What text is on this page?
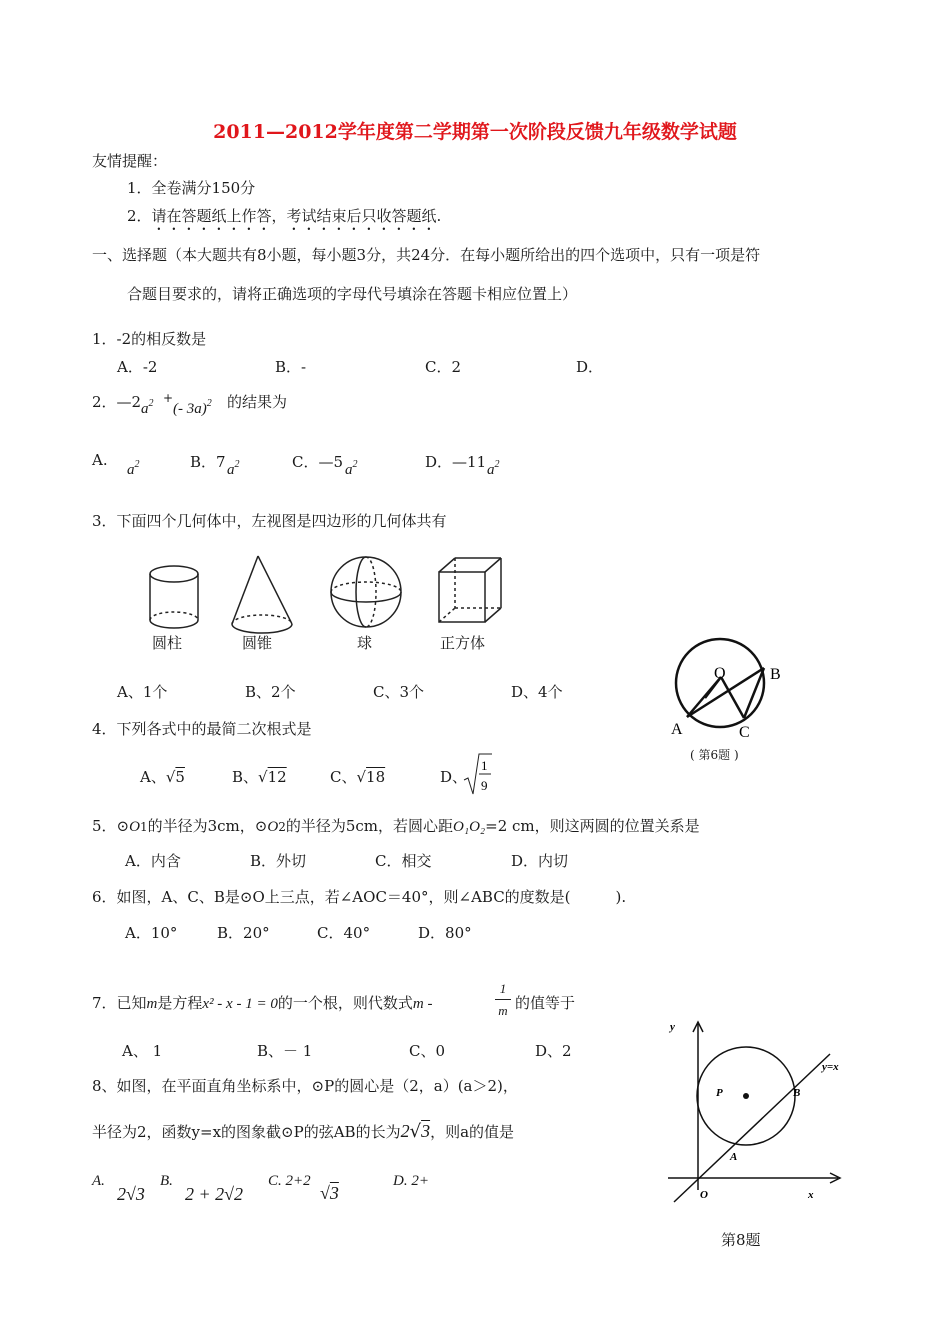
2011—2012学年度第二学期第一次阶段反馈九年级数学试题
友情提醒：
1．全卷满分150分
2．请在答题纸上作答，考试结束后只收答题纸.
一、选择题（本大题共有8小题，每小题3分，共24分．在每小题所给出的四个选项中，只有一项是符
合题目要求的，请将正确选项的字母代号填涂在答题卡相应位置上）
1．-2的相反数是
A．-2	B．-	C．2	D．
2．—2 $a^2$ +
(- 3a)$^2$ 的结果为
A.
$a^2$	B．7 $a^2$	C．—5 $a^2$	D．—11 $a^2$
3．下面四个几何体中，左视图是四边形的几何体共有
圆柱	圆锥	球	正方体
A、1个	B、2个	C、3个	D、4个
O	B
A	C
( 第6题 )
4．下列各式中的最简二次根式是
A、√5	B、√12	C、√18	D、
1
9
5．⊙O1的半径为3cm，⊙O2的半径为5cm，若圆心距O₁O₂=2 cm，则这两圆的位置关系是
A．内含	B．外切	C．相交	D．内切
6．如图，A、C、B是⊙O上三点，若∠AOC＝40°，则∠ABC的度数是(　　　).
A．10°	B．20°	C．40°	D．80°
7．已知m是方程x² - x - 1 = 0的一个根，则代数式m -
1
m 的值等于
A、 1	B、－ 1	C、0	D、2
8、如图，在平面直角坐标系中，⊙P的圆心是（2，a）(a＞2)，
半径为2，函数y=x的图象截⊙P的弦AB的长为2√3，则a的值是
A.
2√3
B.
2 + 2√2
C. 2+2
√3
D. 2+
y
x
O
P	B
A
y=x
第8题
